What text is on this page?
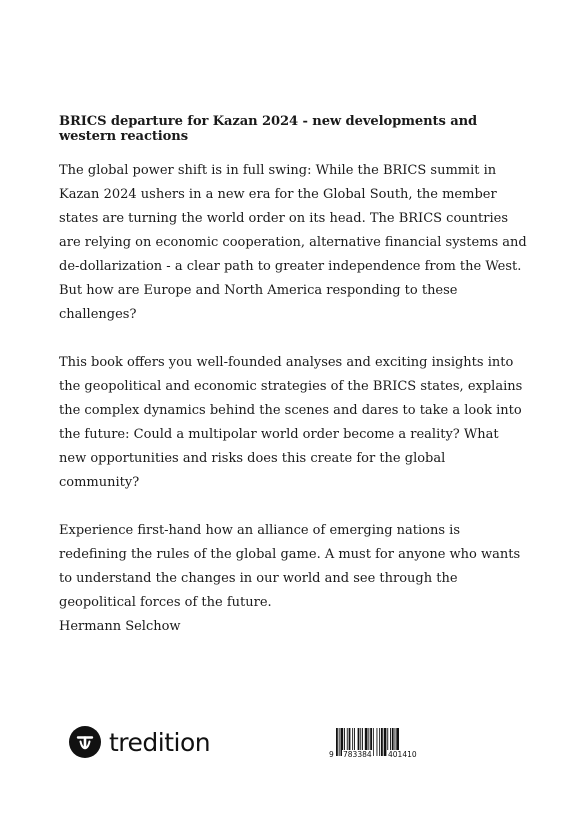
BRICS departure for Kazan 2024 - new developments and western reactions

The global power shift is in full swing: While the BRICS summit in Kazan 2024 ushers in a new era for the Global South, the member states are turning the world order on its head. The BRICS countries are relying on economic cooperation, alternative financial systems and de-dollarization - a clear path to greater independence from the West. But how are Europe and North America responding to these challenges?

This book offers you well-founded analyses and exciting insights into the geopolitical and economic strategies of the BRICS states, explains the complex dynamics behind the scenes and dares to take a look into the future: Could a multipolar world order become a reality? What new opportunities and risks does this create for the global community?

Experience first-hand how an alliance of emerging nations is redefining the rules of the global game. A must for anyone who wants to understand the changes in our world and see through the geopolitical forces of the future.
Hermann Selchow

tredition	9 783384 401410
